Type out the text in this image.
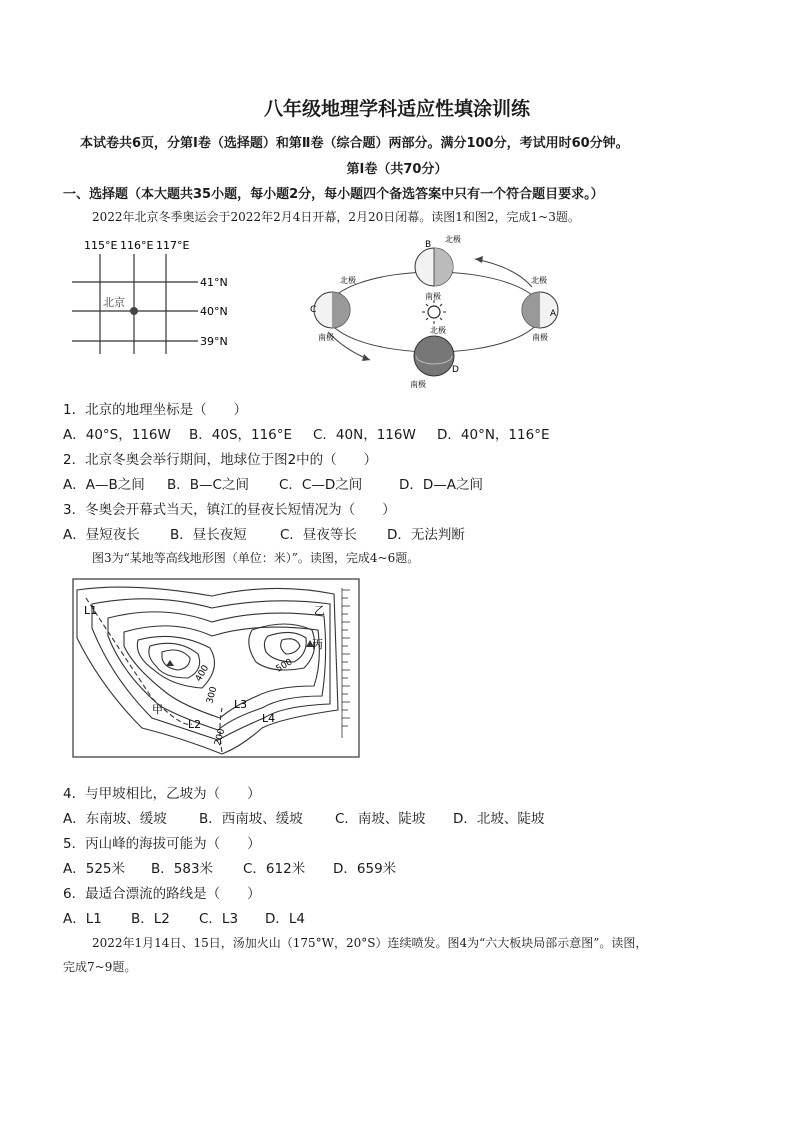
八年级地理学科适应性填涂训练
本试卷共6页，分第Ⅰ卷（选择题）和第Ⅱ卷（综合题）两部分。满分100分，考试用时60分钟。
第Ⅰ卷（共70分）
一、选择题（本大题共35小题，每小题2分，每小题四个备选答案中只有一个符合题目要求。）
2022年北京冬季奥运会于2022年2月4日开幕，2月20日闭幕。读图1和图2，完成1~3题。
115°E 116°E 117°E
41°N
40°N
39°N
北京
B
北极
南极
北极
A
南极
北极
C
南极
北极
D
南极
1．北京的地理坐标是（　　）
A．40°S，116W B．40S，116°E C．40N，116W D．40°N，116°E
2．北京冬奥会举行期间，地球位于图2中的（　　）
A．A—B之间 B．B—C之间 C．C—D之间	D．D—A之间
3．冬奥会开幕式当天，镇江的昼夜长短情况为（　　）
A．昼短夜长 B．昼长夜短 C．昼夜等长 D．无法判断
图3为“某地等高线地形图（单位：米）”。读图，完成4~6题。
L1
L2
L3
L4
甲
乙
丙
200
300
400	500
4．与甲坡相比，乙坡为（　　）
A．东南坡、缓坡 B．西南坡、缓坡 C．南坡、陡坡 D．北坡、陡坡
5．丙山峰的海拔可能为（　　）
A．525米 B．583米 C．612米 D．659米
6．最适合漂流的路线是（　　）
A．L1 B．L2 C．L3 D．L4
2022年1月14日、15日，汤加火山（175°W，20°S）连续喷发。图4为“六大板块局部示意图”。读图，
完成7~9题。
